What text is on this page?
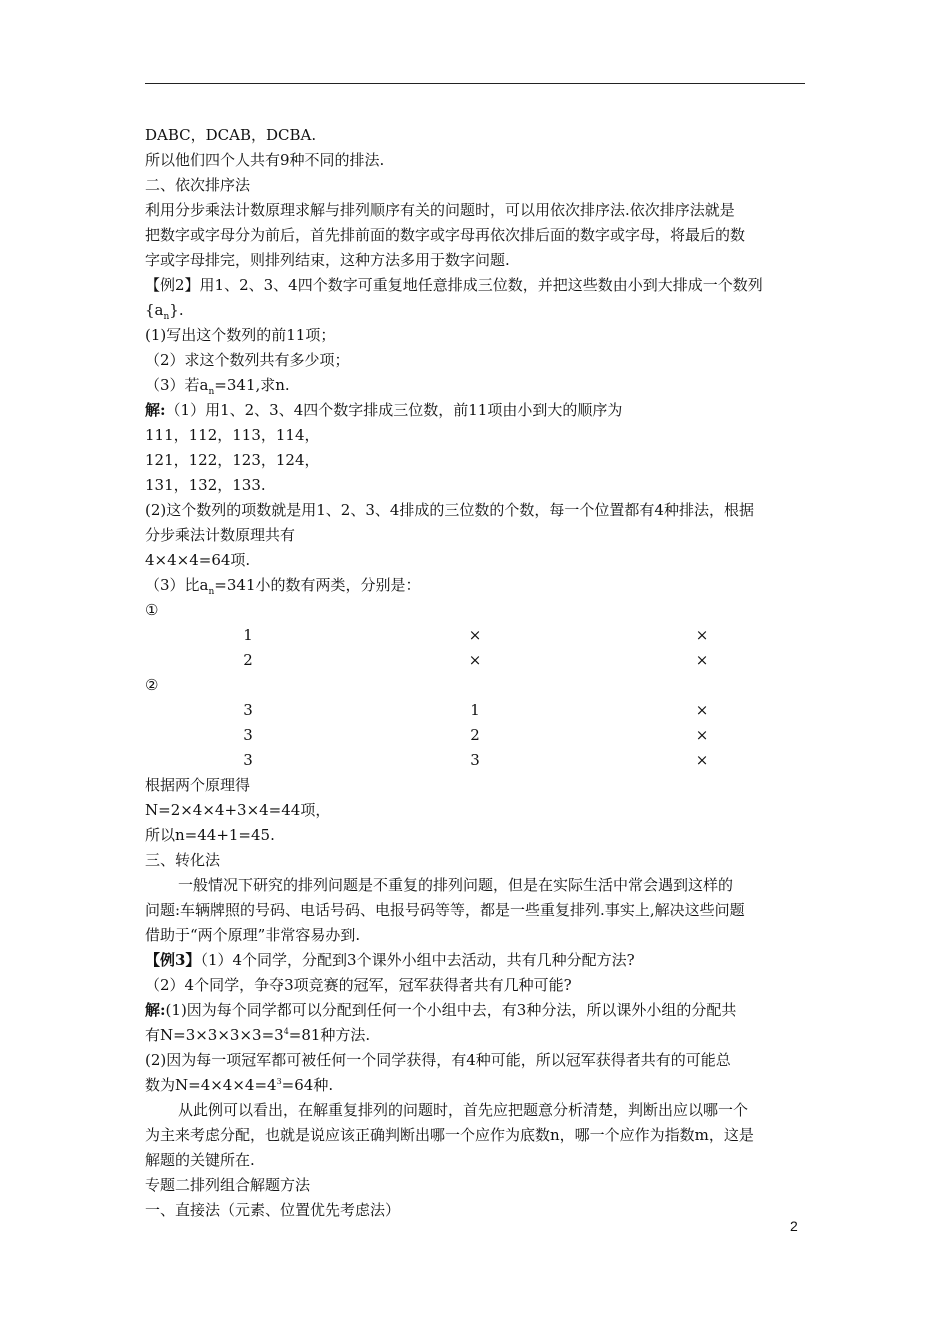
DABC，DCAB，DCBA.
所以他们四个人共有9种不同的排法.
二、依次排序法
利用分步乘法计数原理求解与排列顺序有关的问题时，可以用依次排序法.依次排序法就是
把数字或字母分为前后，首先排前面的数字或字母再依次排后面的数字或字母，将最后的数
字或字母排完，则排列结束，这种方法多用于数字问题.
【例2】用1、2、3、4四个数字可重复地任意排成三位数，并把这些数由小到大排成一个数列
$\{a_n\}$.
(1)写出这个数列的前11项；
（2）求这个数列共有多少项；
（3）若$a_n=341$,求n.
解:（1）用1、2、3、4四个数字排成三位数，前11项由小到大的顺序为
111，112，113，114，
121，122，123，124，
131，132，133.
(2)这个数列的项数就是用1、2、3、4排成的三位数的个数，每一个位置都有4种排法，根据
分步乘法计数原理共有
4×4×4=64项.
（3）比$a_n=341$小的数有两类，分别是：
①
1	×	×
2	×	×
②
3	1	×
3	2	×
3	3	×
根据两个原理得
N=2×4×4+3×4=44项，
所以n=44+1=45.
三、转化法
一般情况下研究的排列问题是不重复的排列问题，但是在实际生活中常会遇到这样的
问题:车辆牌照的号码、电话号码、电报号码等等，都是一些重复排列.事实上,解决这些问题
借助于“两个原理”非常容易办到.
【例3】（1）4个同学，分配到3个课外小组中去活动，共有几种分配方法?
（2）4个同学，争夺3项竞赛的冠军，冠军获得者共有几种可能?
解:(1)因为每个同学都可以分配到任何一个小组中去，有3种分法，所以课外小组的分配共
有$N=3\times 3\times 3\times 3=3^4=81$种方法.
(2)因为每一项冠军都可被任何一个同学获得，有4种可能，所以冠军获得者共有的可能总
数为$N=4\times 4\times 4=4^3=64$种.
从此例可以看出，在解重复排列的问题时，首先应把题意分析清楚，判断出应以哪一个
为主来考虑分配，也就是说应该正确判断出哪一个应作为底数n，哪一个应作为指数m，这是
解题的关键所在.
专题二排列组合解题方法
一、直接法（元素、位置优先考虑法）
2
